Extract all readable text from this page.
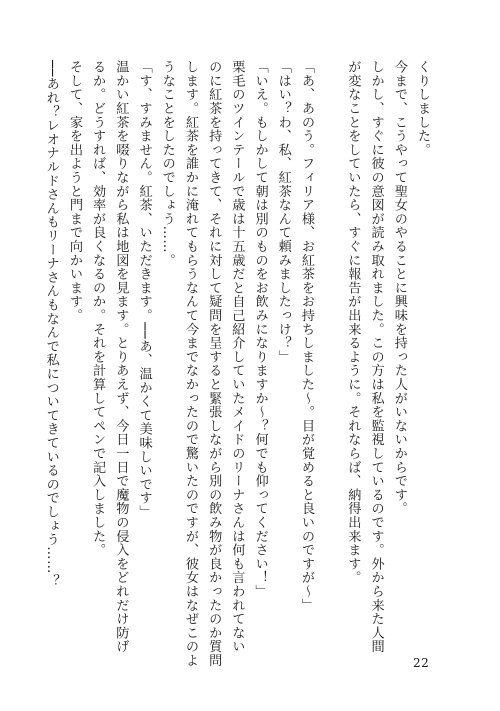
くりしました。
今まで、こうやって聖女のやることに興味を持った人がいないからです。
しかし、すぐに彼の意図が読み取れました。この方は私を監視しているのです。外から来た人間
が変なことをしていたら、すぐに報告が出来るように。それならば、納得出来ます。

「あ、あのう。フィリア様、お紅茶をお持ちしました～。目が覚めると良いのですが～」
「はい？わ、私、紅茶なんて頼みましたっけ？」
「いえ。もしかして朝は別のものをお飲みになりますか～？何でも仰ってください！」
栗毛のツインテールで歳は十五歳だと自己紹介していたメイドのリーナさんは何も言われてない
のに紅茶を持ってきて、それに対して疑問を呈すると緊張しながら別の飲み物が良かったのか質問
します。紅茶を誰かに淹れてもらうなんて今までなかったので驚いたのですが、彼女はなぜこのよ
うなことをしたのでしょう……。
「す、すみません。紅茶、いただきます。──あ、温かくて美味しいです」
温かい紅茶を啜りながら私は地図を見ます。とりあえず、今日一日で魔物の侵入をどれだけ防げ
るか。どうすれば、効率が良くなるのか。それを計算してペンで記入しました。
そして、家を出ようと門まで向かいます。
──あれ？レオナルドさんもリーナさんもなんで私についてきているのでしょう……？
22
